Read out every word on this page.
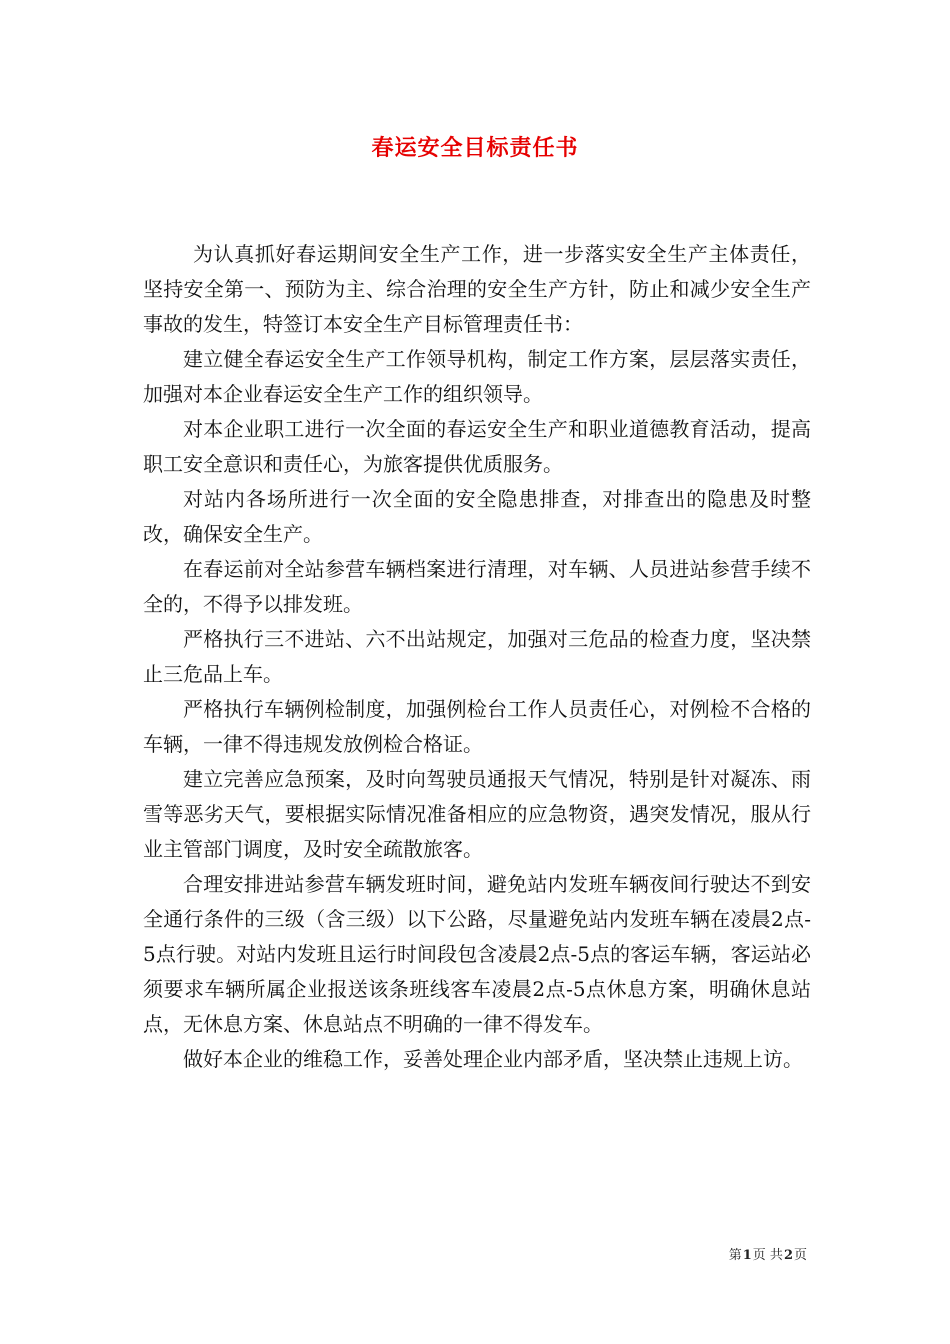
春运安全目标责任书

为认真抓好春运期间安全生产工作，进一步落实安全生产主体责任，坚持安全第一、预防为主、综合治理的安全生产方针，防止和减少安全生产事故的发生，特签订本安全生产目标管理责任书：

建立健全春运安全生产工作领导机构，制定工作方案，层层落实责任，加强对本企业春运安全生产工作的组织领导。

对本企业职工进行一次全面的春运安全生产和职业道德教育活动，提高职工安全意识和责任心，为旅客提供优质服务。

对站内各场所进行一次全面的安全隐患排查，对排查出的隐患及时整改，确保安全生产。

在春运前对全站参营车辆档案进行清理，对车辆、人员进站参营手续不全的，不得予以排发班。

严格执行三不进站、六不出站规定，加强对三危品的检查力度，坚决禁止三危品上车。

严格执行车辆例检制度，加强例检台工作人员责任心，对例检不合格的车辆，一律不得违规发放例检合格证。

建立完善应急预案，及时向驾驶员通报天气情况，特别是针对凝冻、雨雪等恶劣天气，要根据实际情况准备相应的应急物资，遇突发情况，服从行业主管部门调度，及时安全疏散旅客。

合理安排进站参营车辆发班时间，避免站内发班车辆夜间行驶达不到安全通行条件的三级（含三级）以下公路，尽量避免站内发班车辆在凌晨2点-5点行驶。对站内发班且运行时间段包含凌晨2点-5点的客运车辆，客运站必须要求车辆所属企业报送该条班线客车凌晨2点-5点休息方案，明确休息站点，无休息方案、休息站点不明确的一律不得发车。

做好本企业的维稳工作，妥善处理企业内部矛盾，坚决禁止违规上访。

第1页 共2页
